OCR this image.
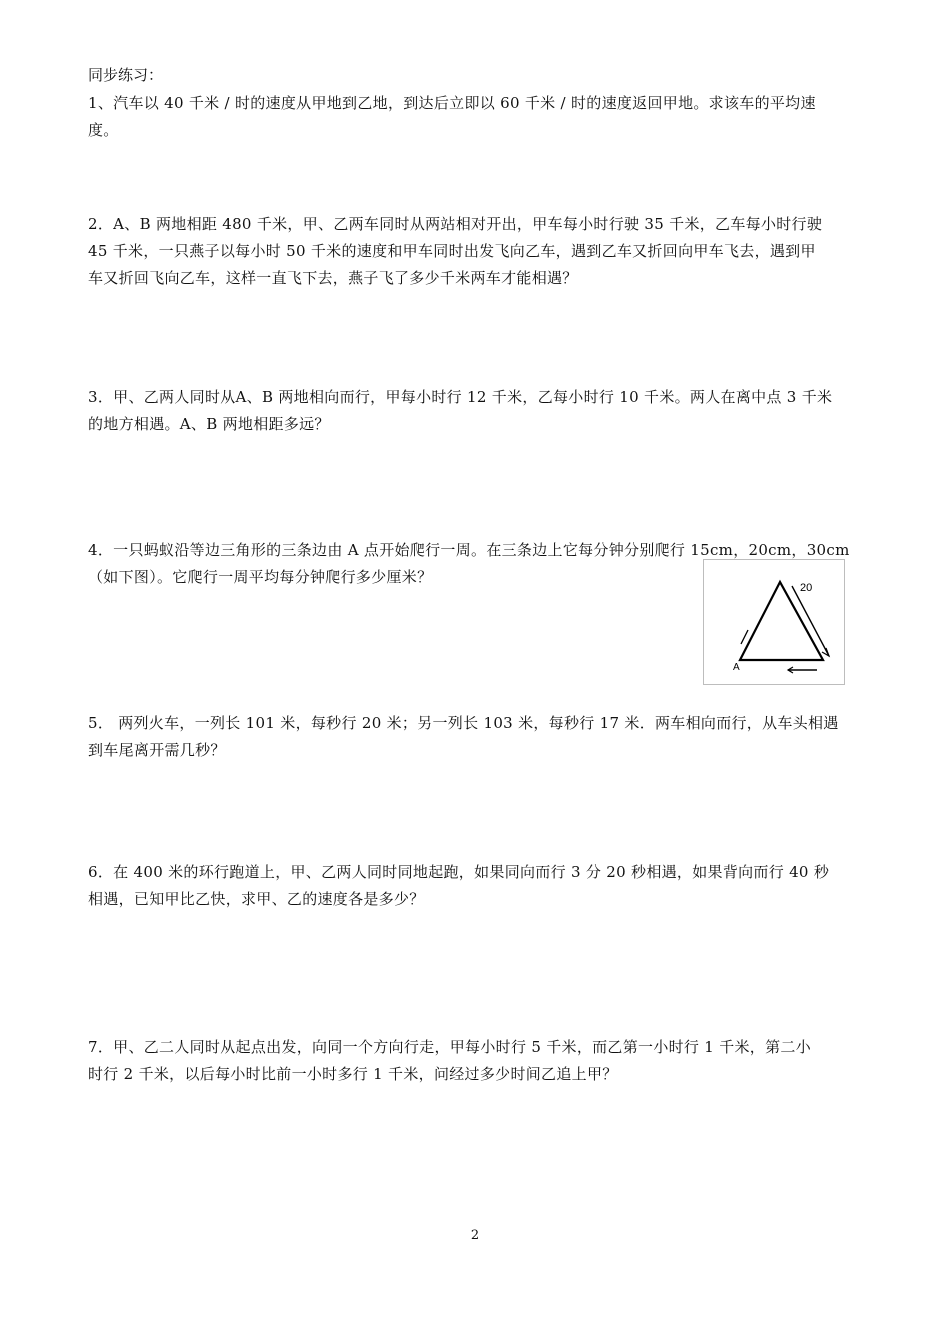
同步练习：
1、汽车以 40 千米 / 时的速度从甲地到乙地，到达后立即以 60 千米 / 时的速度返回甲地。求该车的平均速
度。
2．A、B 两地相距 480 千米，甲、乙两车同时从两站相对开出，甲车每小时行驶 35 千米，乙车每小时行驶
45 千米，一只燕子以每小时 50 千米的速度和甲车同时出发飞向乙车，遇到乙车又折回向甲车飞去，遇到甲
车又折回飞向乙车，这样一直飞下去，燕子飞了多少千米两车才能相遇？
3．甲、乙两人同时从A、B 两地相向而行，甲每小时行 12 千米，乙每小时行 10 千米。两人在离中点 3 千米
的地方相遇。A、B 两地相距多远？
4．一只蚂蚁沿等边三角形的三条边由 A 点开始爬行一周。在三条边上它每分钟分别爬行 15cm，20cm，30cm
（如下图）。它爬行一周平均每分钟爬行多少厘米？
20
A
5． 两列火车，一列长 101 米，每秒行 20 米；另一列长 103 米，每秒行 17 米．两车相向而行，从车头相遇
到车尾离开需几秒？
6．在 400 米的环行跑道上，甲、乙两人同时同地起跑，如果同向而行 3 分 20 秒相遇，如果背向而行 40 秒
相遇，已知甲比乙快，求甲、乙的速度各是多少？
7．甲、乙二人同时从起点出发，向同一个方向行走，甲每小时行 5 千米，而乙第一小时行 1 千米，第二小
时行 2 千米，以后每小时比前一小时多行 1 千米，问经过多少时间乙追上甲？
2
